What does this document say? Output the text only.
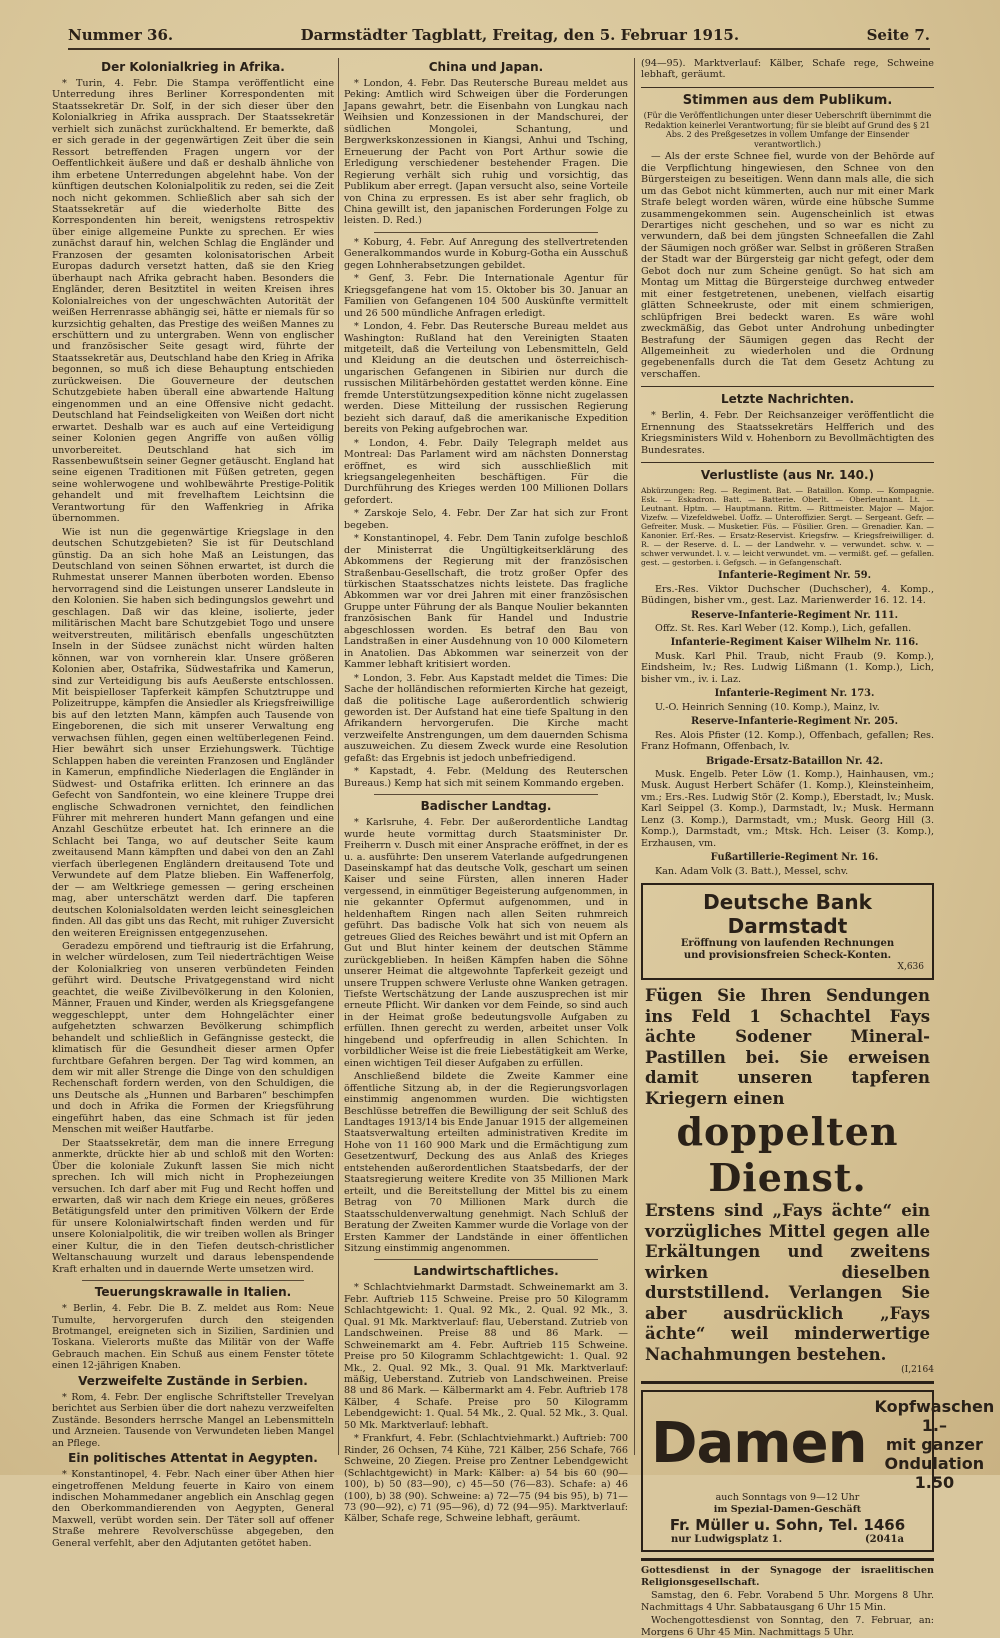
Nummer 36.	Darmstädter Tagblatt, Freitag, den 5. Februar 1915.	Seite 7.
Der Kolonialkrieg in Afrika.

* Turin, 4. Febr. Die Stampa veröffentlicht eine Unterredung ihres Berliner Korrespondenten mit Staatssekretär Dr. Solf, in der sich dieser über den Kolonialkrieg in Afrika aussprach. Der Staatssekretär verhielt sich zunächst zurückhaltend. Er bemerkte, daß er sich gerade in der gegenwärtigen Zeit über die sein Ressort betreffenden Fragen ungern vor der Oeffentlichkeit äußere und daß er deshalb ähnliche von ihm erbetene Unterredungen abgelehnt habe. Von der künftigen deutschen Kolonialpolitik zu reden, sei die Zeit noch nicht gekommen. Schließlich aber sah sich der Staatssekretär auf die wiederholte Bitte des Korrespondenten hin bereit, wenigstens retrospektiv über einige allgemeine Punkte zu sprechen. Er wies zunächst darauf hin, welchen Schlag die Engländer und Franzosen der gesamten kolonisatorischen Arbeit Europas dadurch versetzt hatten, daß sie den Krieg überhaupt nach Afrika gebracht haben. Besonders die Engländer, deren Besitztitel in weiten Kreisen ihres Kolonialreiches von der ungeschwächten Autorität der weißen Herrenrasse abhängig sei, hätte er niemals für so kurzsichtig gehalten, das Prestige des weißen Mannes zu erschüttern und zu untergraben. Wenn von englischer und französischer Seite gesagt wird, führte der Staatssekretär aus, Deutschland habe den Krieg in Afrika begonnen, so muß ich diese Behauptung entschieden zurückweisen. Die Gouverneure der deutschen Schutzgebiete haben überall eine abwartende Haltung eingenommen und an eine Offensive nicht gedacht. Deutschland hat Feindseligkeiten von Weißen dort nicht erwartet. Deshalb war es auch auf eine Verteidigung seiner Kolonien gegen Angriffe von außen völlig unvorbereitet. Deutschland hat sich im Rassenbewußtsein seiner Gegner getäuscht. England hat seine eigenen Traditionen mit Füßen getreten, gegen seine wohlerwogene und wohlbewährte Prestige-Politik gehandelt und mit frevelhaftem Leichtsinn die Verantwortung für den Waffenkrieg in Afrika übernommen.

Wie ist nun die gegenwärtige Kriegslage in den deutschen Schutzgebieten? Sie ist für Deutschland günstig. Da an sich hohe Maß an Leistungen, das Deutschland von seinen Söhnen erwartet, ist durch die Ruhmestat unserer Mannen überboten worden. Ebenso hervorragend sind die Leistungen unserer Landsleute in den Kolonien. Sie haben sich bedingungslos gewehrt und geschlagen. Daß wir das kleine, isolierte, jeder militärischen Macht bare Schutzgebiet Togo und unsere weitverstreuten, militärisch ebenfalls ungeschützten Inseln in der Südsee zunächst nicht würden halten können, war von vornherein klar. Unsere größeren Kolonien aber, Ostafrika, Südwestafrika und Kamerun, sind zur Verteidigung bis aufs Aeußerste entschlossen. Mit beispielloser Tapferkeit kämpfen Schutztruppe und Polizeitruppe, kämpfen die Ansiedler als Kriegsfreiwillige bis auf den letzten Mann, kämpfen auch Tausende von Eingeborenen, die sich mit unserer Verwaltung eng verwachsen fühlen, gegen einen weltüberlegenen Feind. Hier bewährt sich unser Erziehungswerk. Tüchtige Schlappen haben die vereinten Franzosen und Engländer in Kamerun, empfindliche Niederlagen die Engländer in Südwest- und Ostafrika erlitten. Ich erinnere an das Gefecht von Sandfontein, wo eine kleinere Truppe drei englische Schwadronen vernichtet, den feindlichen Führer mit mehreren hundert Mann gefangen und eine Anzahl Geschütze erbeutet hat. Ich erinnere an die Schlacht bei Tanga, wo auf deutscher Seite kaum zweitausend Mann kämpften und dabei von den an Zahl vierfach überlegenen Engländern dreitausend Tote und Verwundete auf dem Platze blieben. Ein Waffenerfolg, der — am Weltkriege gemessen — gering erscheinen mag, aber unterschätzt werden darf. Die tapferen deutschen Kolonialsoldaten werden leicht seinesgleichen finden. All das gibt uns das Recht, mit ruhiger Zuversicht den weiteren Ereignissen entgegenzusehen.

Geradezu empörend und tieftraurig ist die Erfahrung, in welcher würdelosen, zum Teil niederträchtigen Weise der Kolonialkrieg von unseren verbündeten Feinden geführt wird. Deutsche Privatgegenstand wird nicht geachtet, die weiße Zivilbevölkerung in den Kolonien, Männer, Frauen und Kinder, werden als Kriegsgefangene weggeschleppt, unter dem Hohngelächter einer aufgehetzten schwarzen Bevölkerung schimpflich behandelt und schließlich in Gefängnisse gesteckt, die klimatisch für die Gesundheit dieser armen Opfer furchtbare Gefahren bergen. Der Tag wird kommen, an dem wir mit aller Strenge die Dinge von den schuldigen Rechenschaft fordern werden, von den Schuldigen, die uns Deutsche als „Hunnen und Barbaren“ beschimpfen und doch in Afrika die Formen der Kriegsführung eingeführt haben, das eine Schmach ist für jeden Menschen mit weißer Hautfarbe.

Der Staatssekretär, dem man die innere Erregung anmerkte, drückte hier ab und schloß mit den Worten: Über die koloniale Zukunft lassen Sie mich nicht sprechen. Ich will mich nicht in Prophezeiungen versuchen. Ich darf aber mit Fug und Recht hoffen und erwarten, daß wir nach dem Kriege ein neues, größeres Betätigungsfeld unter den primitiven Völkern der Erde für unsere Kolonialwirtschaft finden werden und für unsere Kolonialpolitik, die wir treiben wollen als Bringer einer Kultur, die in den Tiefen deutsch-christlicher Weltanschauung wurzelt und daraus lebenspendende Kraft erhalten und in dauernde Werte umsetzen wird.

Teuerungskrawalle in Italien.

* Berlin, 4. Febr. Die B. Z. meldet aus Rom: Neue Tumulte, hervorgerufen durch den steigenden Brotmangel, ereigneten sich in Sizilien, Sardinien und Toskana. Vielerorts mußte das Militär von der Waffe Gebrauch machen. Ein Schuß aus einem Fenster tötete einen 12-jährigen Knaben.

Verzweifelte Zustände in Serbien.

* Rom, 4. Febr. Der englische Schriftsteller Trevelyan berichtet aus Serbien über die dort nahezu verzweifelten Zustände. Besonders herrsche Mangel an Lebensmitteln und Arzneien. Tausende von Verwundeten lieben Mangel an Pflege.

Ein politisches Attentat in Aegypten.

* Konstantinopel, 4. Febr. Nach einer über Athen hier eingetroffenen Meldung feuerte in Kairo von einem indischen Mohammedaner angeblich ein Anschlag gegen den Oberkommandierenden von Aegypten, General Maxwell, verübt worden sein. Der Täter soll auf offener Straße mehrere Revolverschüsse abgegeben, den General verfehlt, aber den Adjutanten getötet haben.

China und Japan.

* London, 4. Febr. Das Reutersche Bureau meldet aus Peking: Amtlich wird Schweigen über die Forderungen Japans gewahrt, betr. die Eisenbahn von Lungkau nach Weihsien und Konzessionen in der Mandschurei, der südlichen Mongolei, Schantung, und Bergwerkskonzessionen in Kiangsi, Anhui und Tsching, Erneuerung der Pacht von Port Arthur sowie die Erledigung verschiedener bestehender Fragen. Die Regierung verhält sich ruhig und vorsichtig, das Publikum aber erregt. (Japan versucht also, seine Vorteile von China zu erpressen. Es ist aber sehr fraglich, ob China gewillt ist, den japanischen Forderungen Folge zu leisten. D. Red.)

* Koburg, 4. Febr. Auf Anregung des stellvertretenden Generalkommandos wurde in Koburg-Gotha ein Ausschuß gegen Lohnherabsetzungen gebildet.

* Genf, 3. Febr. Die Internationale Agentur für Kriegsgefangene hat vom 15. Oktober bis 30. Januar an Familien von Gefangenen 104 500 Auskünfte vermittelt und 26 500 mündliche Anfragen erledigt.

* London, 4. Febr. Das Reutersche Bureau meldet aus Washington: Rußland hat den Vereinigten Staaten mitgeteilt, daß die Verteilung von Lebensmitteln, Geld und Kleidung an die deutschen und österreichisch-ungarischen Gefangenen in Sibirien nur durch die russischen Militärbehörden gestattet werden könne. Eine fremde Unterstützungsexpedition könne nicht zugelassen werden. Diese Mitteilung der russischen Regierung bezieht sich darauf, daß die amerikanische Expedition bereits von Peking aufgebrochen war.

* London, 4. Febr. Daily Telegraph meldet aus Montreal: Das Parlament wird am nächsten Donnerstag eröffnet, es wird sich ausschließlich mit kriegsangelegenheiten beschäftigen. Für die Durchführung des Krieges werden 100 Millionen Dollars gefordert.

* Zarskoje Selo, 4. Febr. Der Zar hat sich zur Front begeben.

* Konstantinopel, 4. Febr. Dem Tanin zufolge beschloß der Ministerrat die Ungültigkeitserklärung des Abkommens der Regierung mit der französischen Straßenbau-Gesellschaft, die trotz großer Opfer des türkischen Staatsschatzes nichts leistete. Das fragliche Abkommen war vor drei Jahren mit einer französischen Gruppe unter Führung der als Banque Noulier bekannten französischen Bank für Handel und Industrie abgeschlossen worden. Es betraf den Bau von Landstraßen in einer Ausdehnung von 10 000 Kilometern in Anatolien. Das Abkommen war seinerzeit von der Kammer lebhaft kritisiert worden.

* London, 3. Febr. Aus Kapstadt meldet die Times: Die Sache der holländischen reformierten Kirche hat gezeigt, daß die politische Lage außerordentlich schwierig geworden ist. Der Aufstand hat eine tiefe Spaltung in den Afrikandern hervorgerufen. Die Kirche macht verzweifelte Anstrengungen, um dem dauernden Schisma auszuweichen. Zu diesem Zweck wurde eine Resolution gefaßt: das Ergebnis ist jedoch unbefriedigend.

* Kapstadt, 4. Febr. (Meldung des Reuterschen Bureaus.) Kemp hat sich mit seinem Kommando ergeben.

Badischer Landtag.

* Karlsruhe, 4. Febr. Der außerordentliche Landtag wurde heute vormittag durch Staatsminister Dr. Freiherrn v. Dusch mit einer Ansprache eröffnet, in der es u. a. ausführte: Den unserem Vaterlande aufgedrungenen Daseinskampf hat das deutsche Volk, geschart um seinen Kaiser und seine Fürsten, allen inneren Hader vergessend, in einmütiger Begeisterung aufgenommen, in nie gekannter Opfermut aufgenommen, und in heldenhaftem Ringen nach allen Seiten ruhmreich geführt. Das badische Volk hat sich von neuem als getreues Glied des Reiches bewährt und ist mit Opfern an Gut und Blut hinter keinem der deutschen Stämme zurückgeblieben. In heißen Kämpfen haben die Söhne unserer Heimat die altgewohnte Tapferkeit gezeigt und unsere Truppen schwere Verluste ohne Wanken getragen. Tiefste Wertschätzung der Lande auszusprechen ist mir erneute Pflicht. Wir danken vor dem Feinde, so sind auch in der Heimat große bedeutungsvolle Aufgaben zu erfüllen. Ihnen gerecht zu werden, arbeitet unser Volk hingebend und opferfreudig in allen Schichten. In vorbildlicher Weise ist die freie Liebestätigkeit am Werke, einen wichtigen Teil dieser Aufgaben zu erfüllen.

Anschließend bildete die Zweite Kammer eine öffentliche Sitzung ab, in der die Regierungsvorlagen einstimmig angenommen wurden. Die wichtigsten Beschlüsse betreffen die Bewilligung der seit Schluß des Landtages 1913/14 bis Ende Januar 1915 der allgemeinen Staatsverwaltung erteilten administrativen Kredite im Hohe von 11 160 900 Mark und die Ermächtigung zum Gesetzentwurf, Deckung des aus Anlaß des Krieges entstehenden außerordentlichen Staatsbedarfs, der der Staatsregierung weitere Kredite von 35 Millionen Mark erteilt, und die Bereitstellung der Mittel bis zu einem Betrag von 70 Millionen Mark durch die Staatsschuldenverwaltung genehmigt. Nach Schluß der Beratung der Zweiten Kammer wurde die Vorlage von der Ersten Kammer der Landstände in einer öffentlichen Sitzung einstimmig angenommen.

Landwirtschaftliches.

* Schlachtviehmarkt Darmstadt. Schweinemarkt am 3. Febr. Auftrieb 115 Schweine. Preise pro 50 Kilogramm Schlachtgewicht: 1. Qual. 92 Mk., 2. Qual. 92 Mk., 3. Qual. 91 Mk. Marktverlauf: flau, Ueberstand. Zutrieb von Landschweinen. Preise 88 und 86 Mark. — Schweinemarkt am 4. Febr. Auftrieb 115 Schweine. Preise pro 50 Kilogramm Schlachtgewicht: 1. Qual. 92 Mk., 2. Qual. 92 Mk., 3. Qual. 91 Mk. Marktverlauf: mäßig, Ueberstand. Zutrieb von Landschweinen. Preise 88 und 86 Mark. — Kälbermarkt am 4. Febr. Auftrieb 178 Kälber, 4 Schafe. Preise pro 50 Kilogramm Lebendgewicht: 1. Qual. 54 Mk., 2. Qual. 52 Mk., 3. Qual. 50 Mk. Marktverlauf: lebhaft.

* Frankfurt, 4. Febr. (Schlachtviehmarkt.) Auftrieb: 700 Rinder, 26 Ochsen, 74 Kühe, 721 Kälber, 256 Schafe, 766 Schweine, 20 Ziegen. Preise pro Zentner Lebendgewicht (Schlachtgewicht) in Mark: Kälber: a) 54 bis 60 (90—100), b) 50 (83—90), c) 45—50 (76—83). Schafe: a) 46 (100), b) 38 (90). Schweine: a) 72—75 (94 bis 95), b) 71—73 (90—92), c) 71 (95—96), d) 72 (94—95). Marktverlauf: Kälber, Schafe rege, Schweine lebhaft, geräumt.

(94—95). Marktverlauf: Kälber, Schafe rege, Schweine lebhaft, geräumt.

Stimmen aus dem Publikum.

(Für die Veröffentlichungen unter dieser Ueberschrift übernimmt die Redaktion keinerlei Verantwortung; für sie bleibt auf Grund des § 21 Abs. 2 des Preßgesetzes in vollem Umfange der Einsender verantwortlich.)

— Als der erste Schnee fiel, wurde von der Behörde auf die Verpflichtung hingewiesen, den Schnee von den Bürgersteigen zu beseitigen. Wenn dann mals alle, die sich um das Gebot nicht kümmerten, auch nur mit einer Mark Strafe belegt worden wären, würde eine hübsche Summe zusammengekommen sein. Augenscheinlich ist etwas Derartiges nicht geschehen, und so war es nicht zu verwundern, daß bei dem jüngsten Schneefallen die Zahl der Säumigen noch größer war. Selbst in größeren Straßen der Stadt war der Bürgersteig gar nicht gefegt, oder dem Gebot doch nur zum Scheine genügt. So hat sich am Montag um Mittag die Bürgersteige durchweg entweder mit einer festgetretenen, unebenen, vielfach eisartig glätten Schneekruste, oder mit einem schmierigen, schlüpfrigen Brei bedeckt waren. Es wäre wohl zweckmäßig, das Gebot unter Androhung unbedingter Bestrafung der Säumigen gegen das Recht der Allgemeinheit zu wiederholen und die Ordnung gegebenenfalls durch die Tat dem Gesetz Achtung zu verschaffen.

Letzte Nachrichten.

* Berlin, 4. Febr. Der Reichsanzeiger veröffentlicht die Ernennung des Staatssekretärs Helfferich und des Kriegsministers Wild v. Hohenborn zu Bevollmächtigten des Bundesrates.

Verlustliste (aus Nr. 140.)

Abkürzungen: Reg. — Regiment. Bat. — Bataillon. Komp. — Kompagnie. Esk. — Eskadron. Batt. — Batterie. Oberlt. — Oberleutnant. Lt. — Leutnant. Hptm. — Hauptmann. Rittm. — Rittmeister. Major — Major. Vizefw. — Vizefeldwebel. Uoffz. — Unteroffizier. Sergt. — Sergeant. Gefr. — Gefreiter. Musk. — Musketier. Füs. — Füsilier. Gren. — Grenadier. Kan. — Kanonier. Erf.-Res. — Ersatz-Reservist. Kriegsfrw. — Kriegsfreiwilliger. d. R. — der Reserve. d. L. — der Landwehr. v. — verwundet. schw. v. — schwer verwundet. l. v. — leicht verwundet. vm. — vermißt. gef. — gefallen. gest. — gestorben. i. Gefgsch. — in Gefangenschaft.

Infanterie-Regiment Nr. 59.

Ers.-Res. Viktor Duchscher (Duchscher), 4. Komp., Büdingen, bisher vm., gest. Laz. Marienwerder 16. 12. 14.

Reserve-Infanterie-Regiment Nr. 111.

Offz. St. Res. Karl Weber (12. Komp.), Lich, gefallen.

Infanterie-Regiment Kaiser Wilhelm Nr. 116.

Musk. Karl Phil. Traub, nicht Fraub (9. Komp.), Eindsheim, lv.; Res. Ludwig Lißmann (1. Komp.), Lich, bisher vm., iv. i. Laz.

Infanterie-Regiment Nr. 173.

U.-O. Heinrich Senning (10. Komp.), Mainz, lv.

Reserve-Infanterie-Regiment Nr. 205.

Res. Alois Pfister (12. Komp.), Offenbach, gefallen; Res. Franz Hofmann, Offenbach, lv.

Brigade-Ersatz-Bataillon Nr. 42.

Musk. Engelb. Peter Löw (1. Komp.), Hainhausen, vm.; Musk. August Herbert Schäfer (1. Komp.), Kleinsteinheim, vm.; Ers.-Res. Ludwig Stör (2. Komp.), Eberstadt, lv.; Musk. Karl Seippel (3. Komp.), Darmstadt, lv.; Musk. Hermann Lenz (3. Komp.), Darmstadt, vm.; Musk. Georg Hill (3. Komp.), Darmstadt, vm.; Mtsk. Hch. Leiser (3. Komp.), Erzhausen, vm.

Fußartillerie-Regiment Nr. 16.

Kan. Adam Volk (3. Batt.), Messel, schv.

Deutsche Bank Darmstadt
Eröffnung von laufenden Rechnungen
und provisionsfreien Scheck-Konten.
X,636
Fügen Sie Ihren Sendungen ins Feld 1 Schachtel Fays ächte Sodener Mineral-Pastillen bei. Sie erweisen damit unseren tapferen Kriegern einen
doppelten Dienst.
Erstens sind „Fays ächte“ ein vorzügliches Mittel gegen alle Erkältungen und zweitens wirken dieselben durststillend. Verlangen Sie aber ausdrücklich „Fays ächte“ weil minderwertige Nachahmungen bestehen.
(I,2164
Damen
Kopfwaschen 1.–
mit ganzer
Ondulation 1.50
auch Sonntags von 9—12 Uhr
im Spezial-Damen-Geschäft
Fr. Müller u. Sohn, Tel. 1466
nur Ludwigsplatz 1.	(2041a

Gottesdienst in der Synagoge der israelitischen Religionsgesellschaft.

Samstag, den 6. Febr. Vorabend 5 Uhr. Morgens 8 Uhr. Nachmittags 4 Uhr. Sabbatausgang 6 Uhr 15 Min.

Wochengottesdienst von Sonntag, den 7. Februar, an: Morgens 6 Uhr 45 Min. Nachmittags 5 Uhr.
